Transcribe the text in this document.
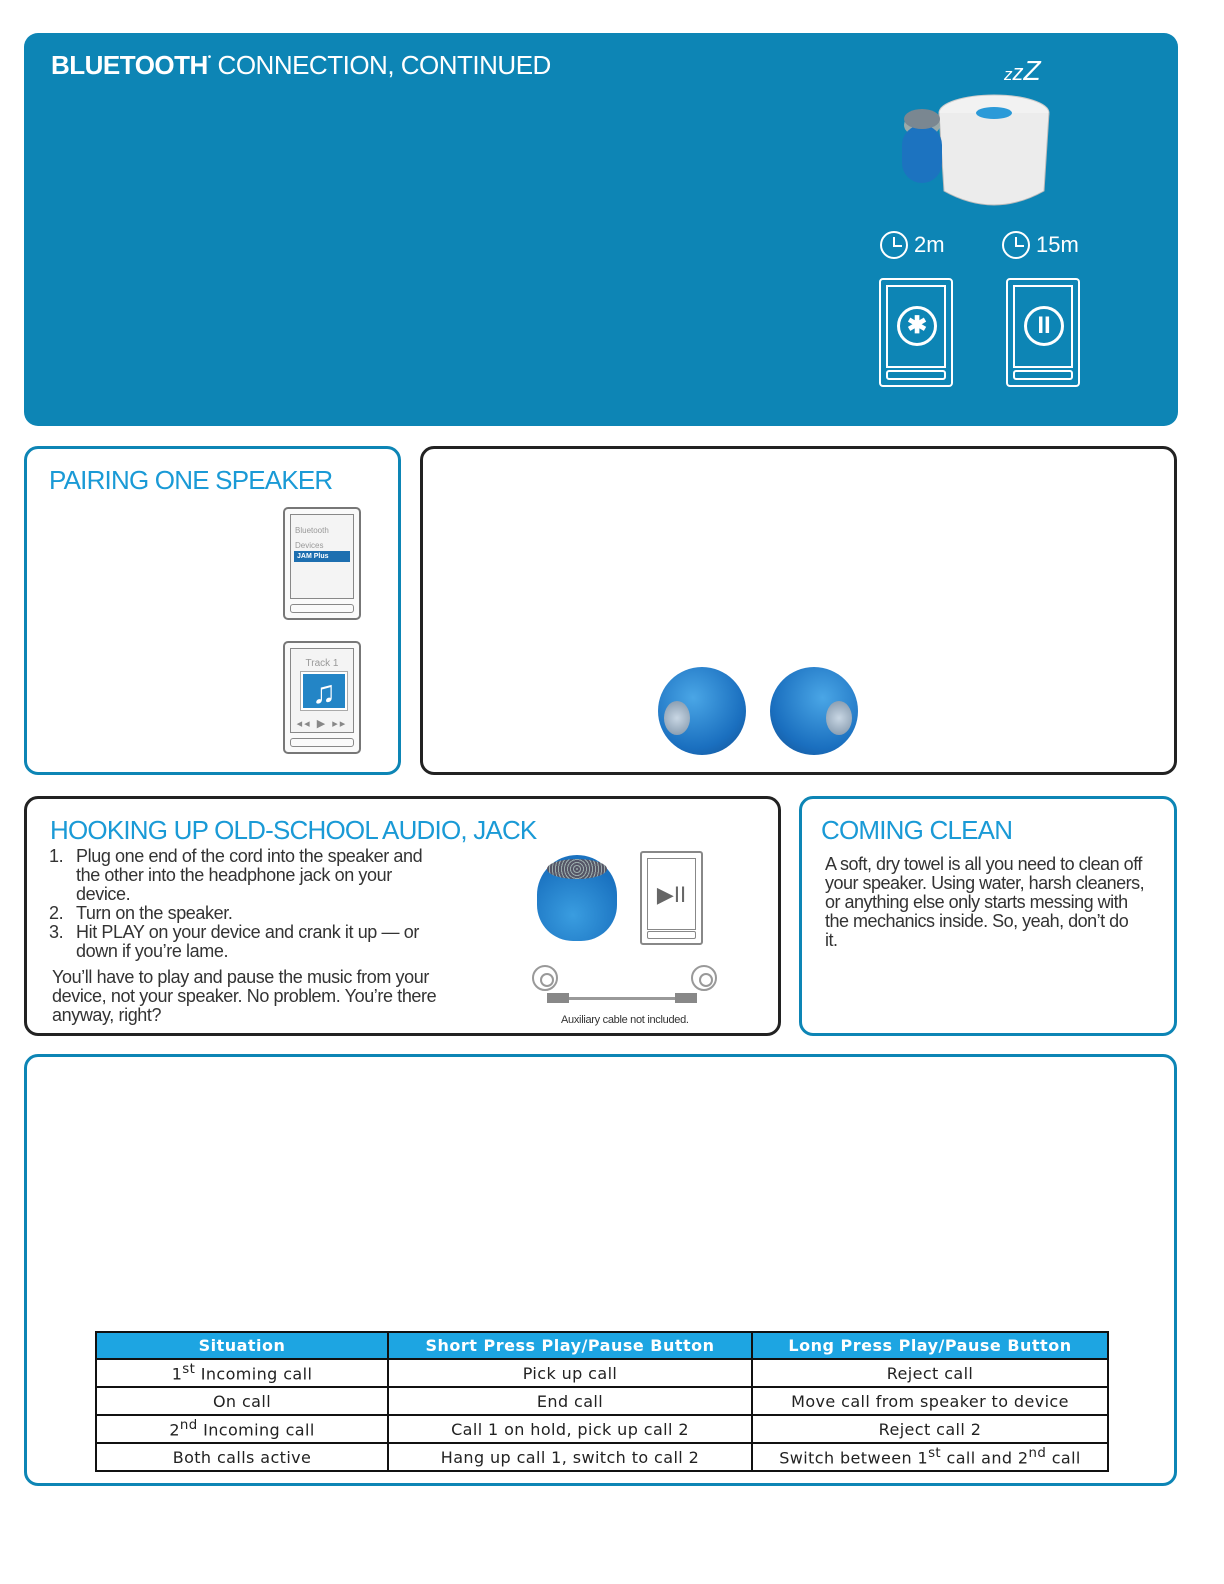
BLUETOOTH• CONNECTION, CONTINUED	zzZ
2m	15m
✱	II
PAIRING ONE SPEAKER
Bluetooth
Devices
JAM Plus
Track 1
♫
◂◂ ▶ ▸▸
HOOKING UP OLD-SCHOOL AUDIO, JACK
1. Plug one end of the cord into the speaker and the other into the headphone jack on your device.
2. Turn on the speaker.
3. Hit PLAY on your device and crank it up — or down if you’re lame.
You’ll have to play and pause the music from your device, not your speaker. No problem. You’re there anyway, right?
▶II
Auxiliary cable not included.
COMING CLEAN
A soft, dry towel is all you need to clean off your speaker. Using water, harsh cleaners, or anything else only starts messing with the mechanics inside. So, yeah, don’t do it.
Situation	Short Press Play/Pause Button	Long Press Play/Pause Button
1st Incoming call	Pick up call	Reject call
On call	End call	Move call from speaker to device
2nd Incoming call	Call 1 on hold, pick up call 2	Reject call 2
Both calls active	Hang up call 1, switch to call 2	Switch between 1st call and 2nd call
